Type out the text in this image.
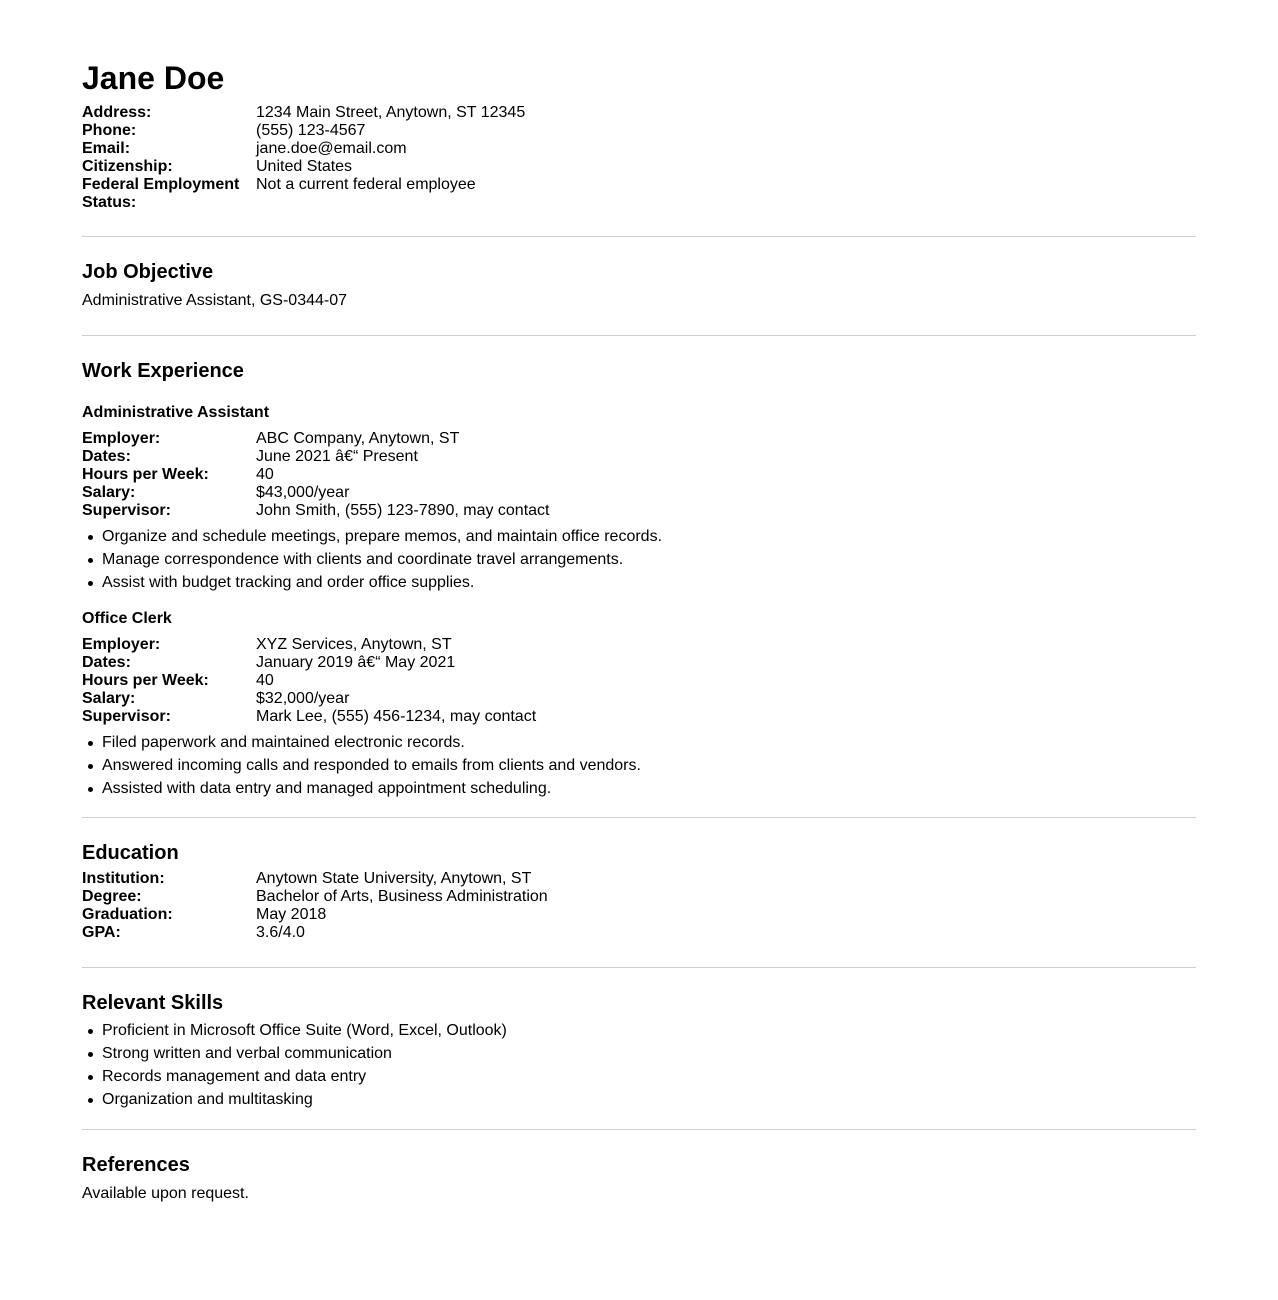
Jane Doe
Address:	1234 Main Street, Anytown, ST 12345
Phone:	(555) 123-4567
Email:	jane.doe@email.com
Citizenship:	United States
Federal Employment Status:
Not a current federal employee
Job Objective

Administrative Assistant, GS-0344-07

Work Experience
Administrative Assistant
Employer:	ABC Company, Anytown, ST
Dates:	June 2021 â€“ Present
Hours per Week:	40
Salary:	$43,000/year
Supervisor:	John Smith, (555) 123-7890, may contact
Organize and schedule meetings, prepare memos, and maintain office records.
Manage correspondence with clients and coordinate travel arrangements.
Assist with budget tracking and order office supplies.
Office Clerk
Employer:	XYZ Services, Anytown, ST
Dates:	January 2019 â€“ May 2021
Hours per Week:	40
Salary:	$32,000/year
Supervisor:	Mark Lee, (555) 456-1234, may contact
Filed paperwork and maintained electronic records.
Answered incoming calls and responded to emails from clients and vendors.
Assisted with data entry and managed appointment scheduling.
Education
Institution:	Anytown State University, Anytown, ST
Degree:	Bachelor of Arts, Business Administration
Graduation:	May 2018
GPA:	3.6/4.0
Relevant Skills
Proficient in Microsoft Office Suite (Word, Excel, Outlook)
Strong written and verbal communication
Records management and data entry
Organization and multitasking
References

Available upon request.
